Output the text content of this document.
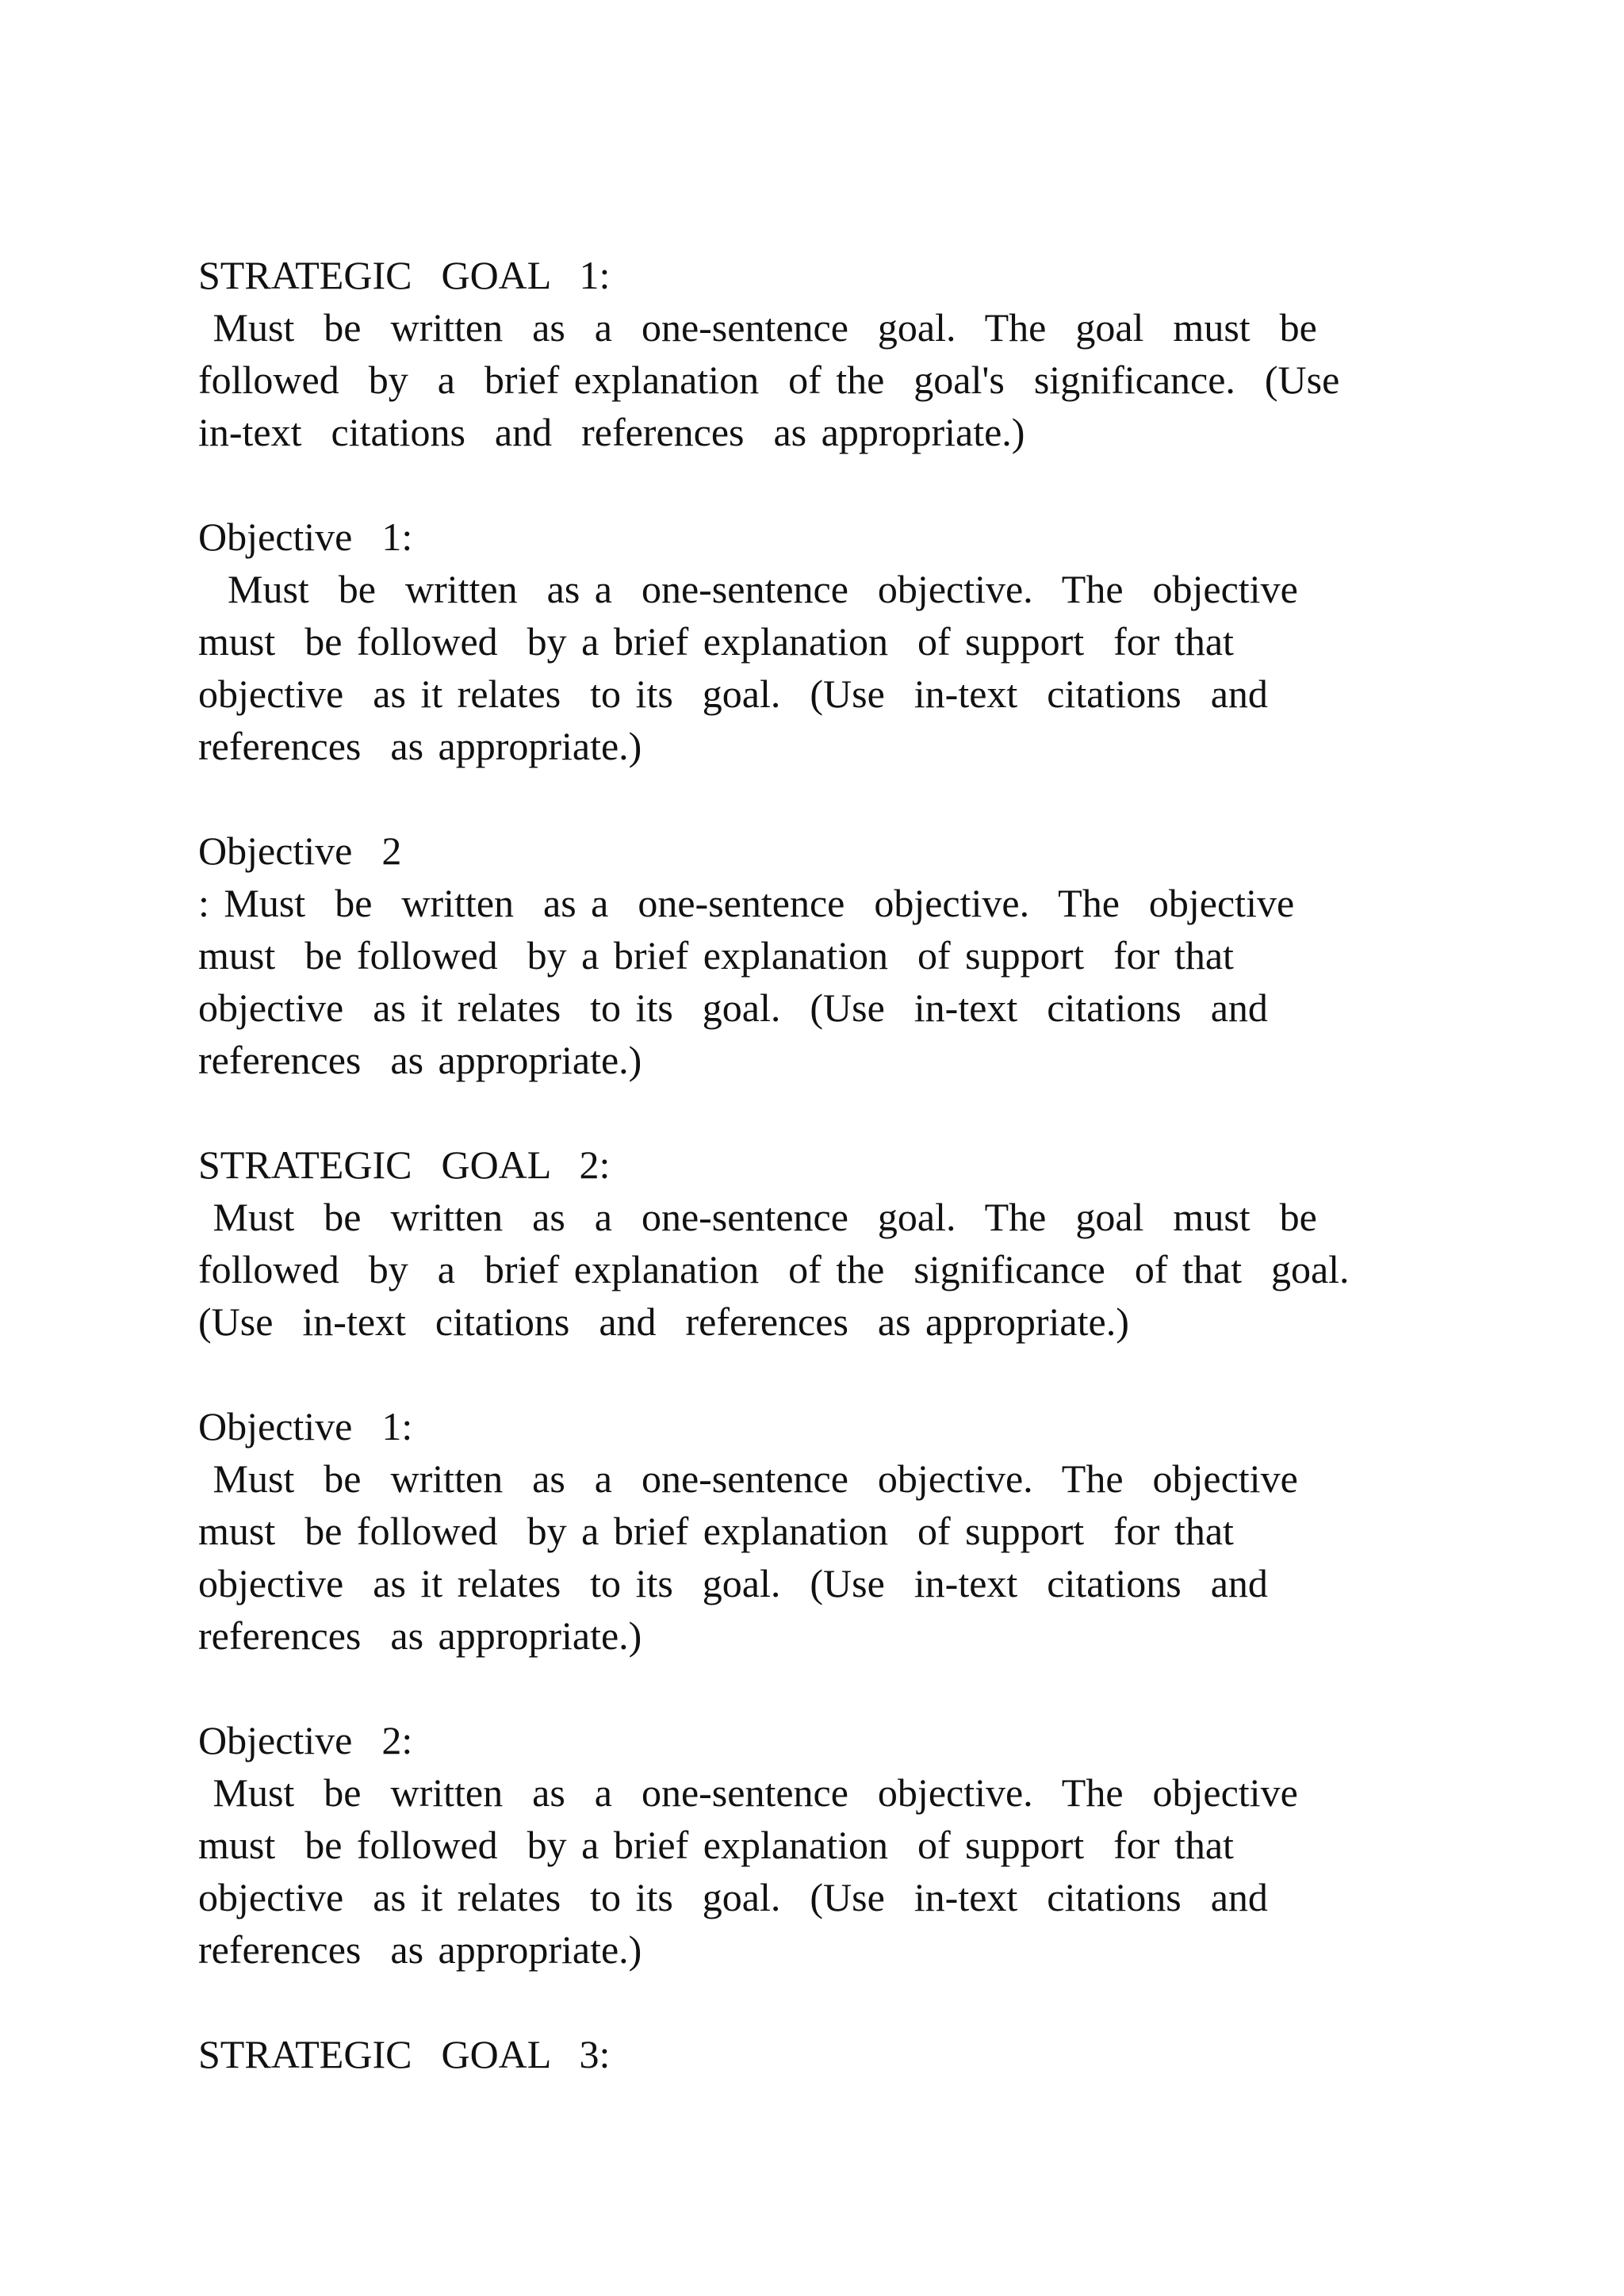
STRATEGIC  GOAL  1:
Must  be  written  as  a  one-sentence  goal.  The  goal  must  be
followed  by  a  brief explanation  of the  goal's  significance.  (Use
in-text  citations  and  references  as appropriate.)
Objective  1:
Must  be  written  as a  one-sentence  objective.  The  objective
must  be followed  by a brief explanation  of support  for that
objective  as it relates  to its  goal.  (Use  in-text  citations  and
references  as appropriate.)
Objective  2
: Must  be  written  as a  one-sentence  objective.  The  objective
must  be followed  by a brief explanation  of support  for that
objective  as it relates  to its  goal.  (Use  in-text  citations  and
references  as appropriate.)
STRATEGIC  GOAL  2:
Must  be  written  as  a  one-sentence  goal.  The  goal  must  be
followed  by  a  brief explanation  of the  significance  of that  goal.
(Use  in-text  citations  and  references  as appropriate.)
Objective  1:
Must  be  written  as  a  one-sentence  objective.  The  objective
must  be followed  by a brief explanation  of support  for that
objective  as it relates  to its  goal.  (Use  in-text  citations  and
references  as appropriate.)
Objective  2:
Must  be  written  as  a  one-sentence  objective.  The  objective
must  be followed  by a brief explanation  of support  for that
objective  as it relates  to its  goal.  (Use  in-text  citations  and
references  as appropriate.)
STRATEGIC  GOAL  3:
